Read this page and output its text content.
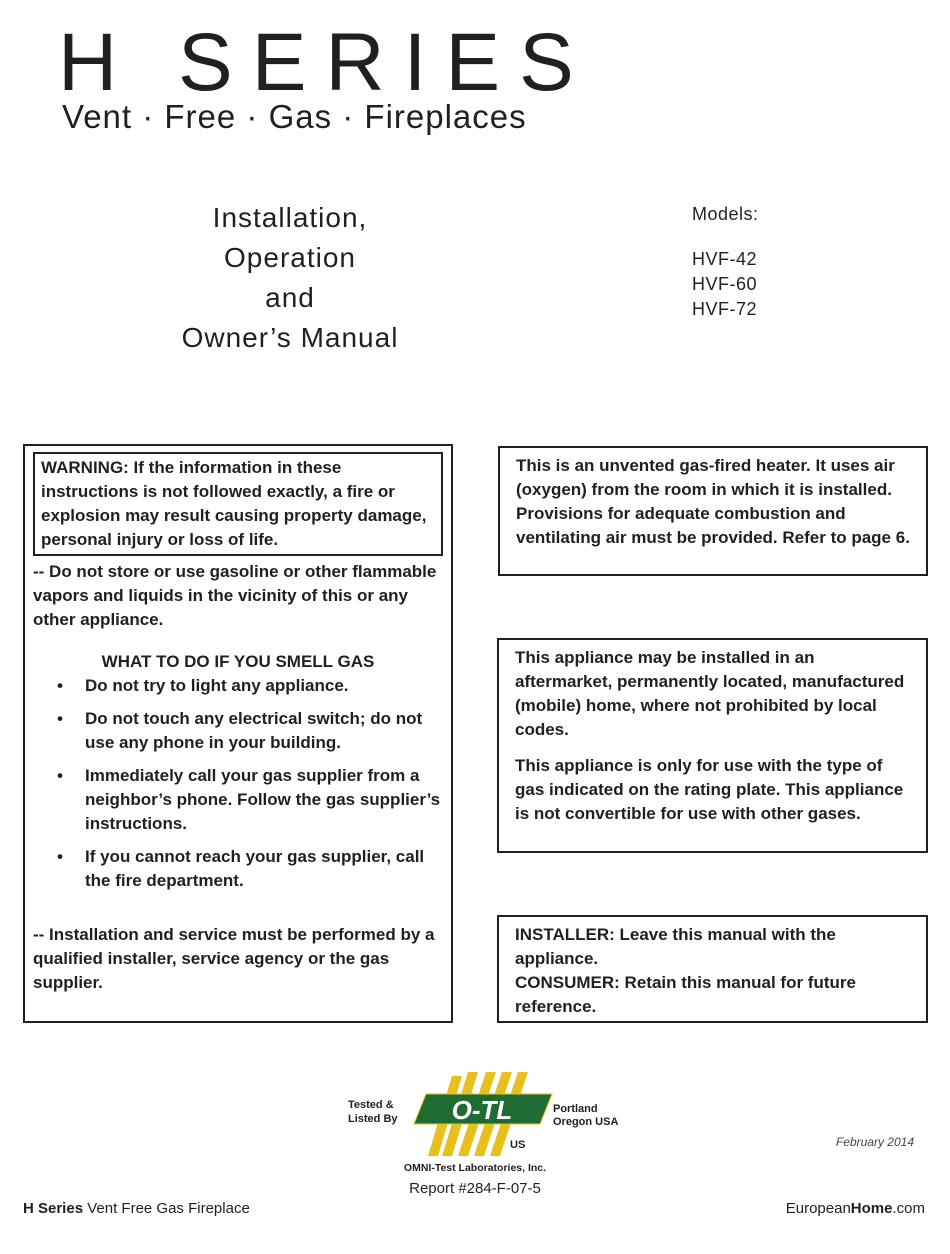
H SERIES
Vent · Free · Gas · Fireplaces
Installation,
Operation
and
Owner’s Manual
Models:
HVF-42
HVF-60
HVF-72

WARNING: If the information in these instructions is not followed exactly, a fire or explosion may result causing property damage, personal injury or loss of life.

-- Do not store or use gasoline or other flammable vapors and liquids in the vicinity of this or any other appliance.

WHAT TO DO IF YOU SMELL GAS

• Do not try to light any appliance.
• Do not touch any electrical switch; do not use any phone in your building.
• Immediately call your gas supplier from a neighbor’s phone. Follow the gas supplier’s instructions.
• If you cannot reach your gas supplier, call the fire department.

-- Installation and service must be performed by a qualified installer, service agency or the gas supplier.

This is an unvented gas-fired heater. It uses air (oxygen) from the room in which it is installed. Provisions for adequate combustion and ventilating air must be provided. Refer to page 6.

This appliance may be installed in an aftermarket, permanently located, manufactured (mobile) home, where not prohibited by local codes.

This appliance is only for use with the type of gas indicated on the rating plate. This appliance is not convertible for use with other gases.

INSTALLER: Leave this manual with the appliance.

CONSUMER: Retain this manual for future reference.

O-TL
US
Tested &
Listed By
Portland
Oregon USA
OMNI-Test Laboratories, Inc.
Report #284-F-07-5
February 2014
H Series Vent Free Gas Fireplace	EuropeanHome.com
